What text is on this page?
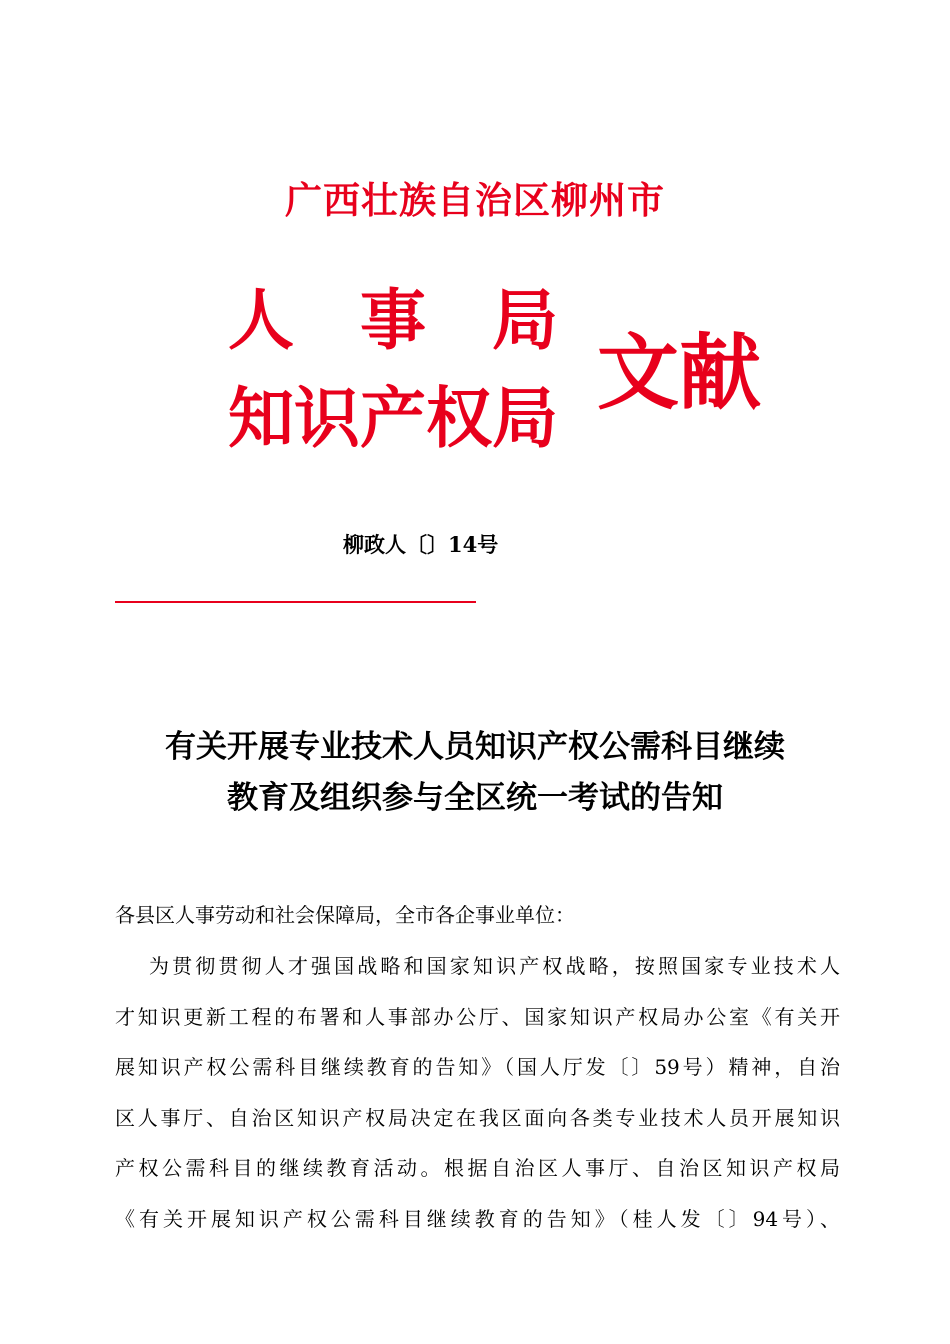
广西壮族自治区柳州市
人 事 局
知识产权局 文献
柳政人〔〕14号
有关开展专业技术人员知识产权公需科目继续
教育及组织参与全区统一考试的告知
各县区人事劳动和社会保障局，全市各企事业单位：
为贯彻贯彻人才强国战略和国家知识产权战略，按照国家专业技术人
才知识更新工程的布署和人事部办公厅、国家知识产权局办公室《有关开
展知识产权公需科目继续教育的告知》（国人厅发〔〕59号）精神，自治
区人事厅、自治区知识产权局决定在我区面向各类专业技术人员开展知识
产权公需科目的继续教育活动。根据自治区人事厅、自治区知识产权局
《有关开展知识产权公需科目继续教育的告知》（桂人发〔〕94号）、
